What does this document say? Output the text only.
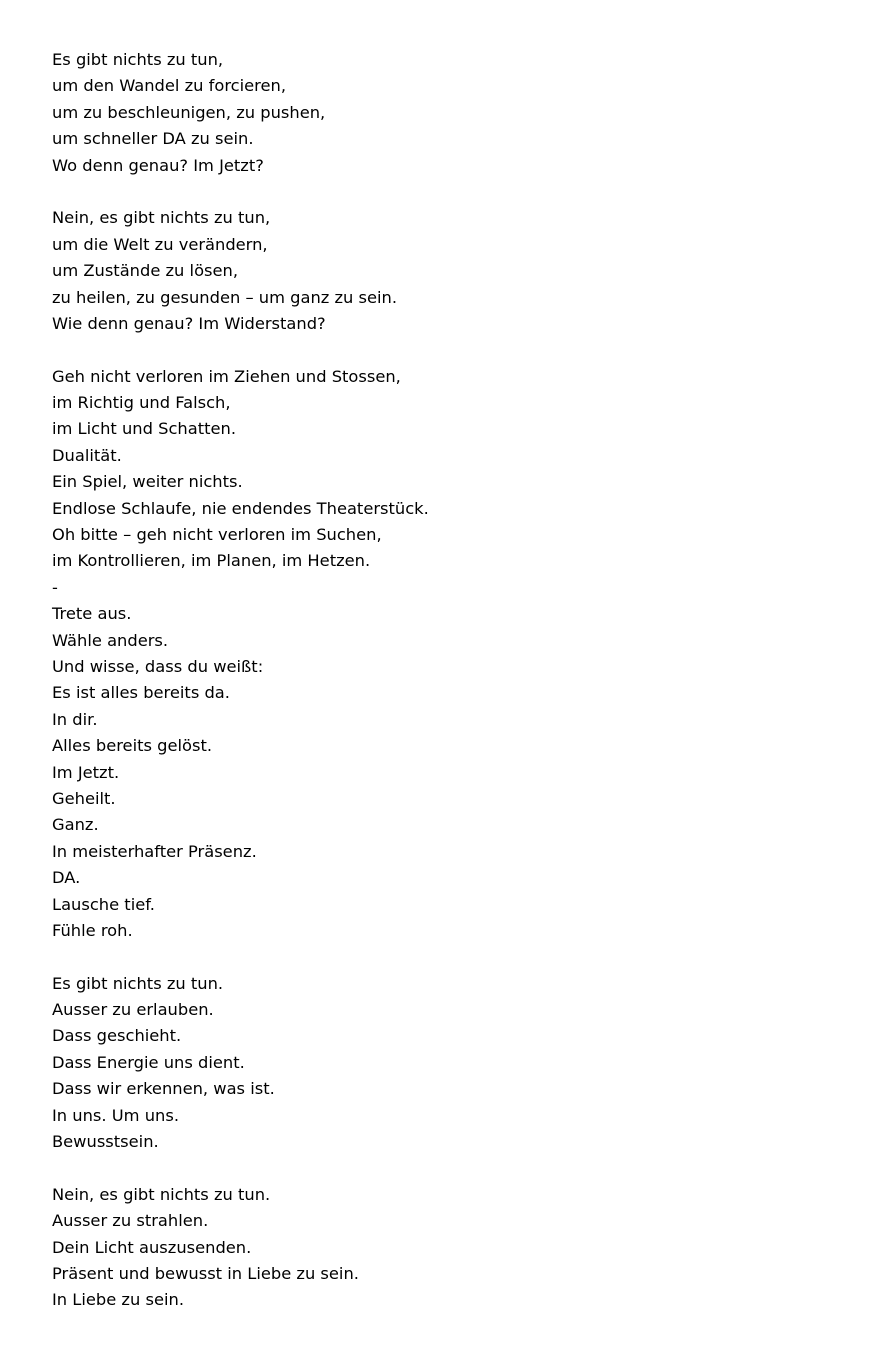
Es gibt nichts zu tun,
um den Wandel zu forcieren,
um zu beschleunigen, zu pushen,
um schneller DA zu sein.
Wo denn genau? Im Jetzt?
Nein, es gibt nichts zu tun,
um die Welt zu verändern,
um Zustände zu lösen,
zu heilen, zu gesunden – um ganz zu sein.
Wie denn genau? Im Widerstand?
Geh nicht verloren im Ziehen und Stossen,
im Richtig und Falsch,
im Licht und Schatten.
Dualität.
Ein Spiel, weiter nichts.
Endlose Schlaufe, nie endendes Theaterstück.
Oh bitte – geh nicht verloren im Suchen,
im Kontrollieren, im Planen, im Hetzen.
-
Trete aus.
Wähle anders.
Und wisse, dass du weißt:
Es ist alles bereits da.
In dir.
Alles bereits gelöst.
Im Jetzt.
Geheilt.
Ganz.
In meisterhafter Präsenz.
DA.
Lausche tief.
Fühle roh.
Es gibt nichts zu tun.
Ausser zu erlauben.
Dass geschieht.
Dass Energie uns dient.
Dass wir erkennen, was ist.
In uns. Um uns.
Bewusstsein.
Nein, es gibt nichts zu tun.
Ausser zu strahlen.
Dein Licht auszusenden.
Präsent und bewusst in Liebe zu sein.
In Liebe zu sein.
